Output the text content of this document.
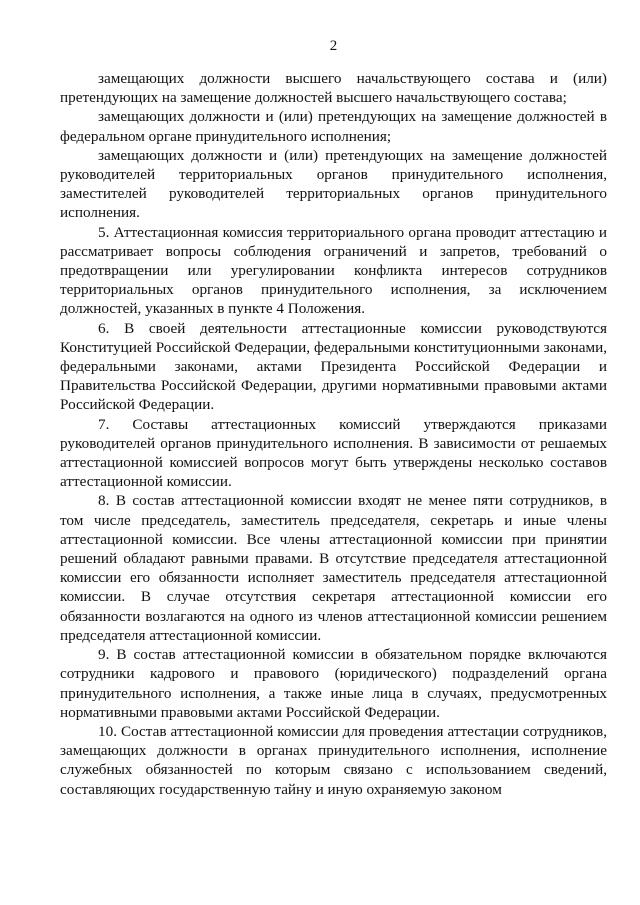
2

замещающих должности высшего начальствующего состава и (или) претендующих на замещение должностей высшего начальствующего состава;

замещающих должности и (или) претендующих на замещение должностей в федеральном органе принудительного исполнения;

замещающих должности и (или) претендующих на замещение должностей руководителей территориальных органов принудительного исполнения, заместителей руководителей территориальных органов принудительного исполнения.

5. Аттестационная комиссия территориального органа проводит аттестацию и рассматривает вопросы соблюдения ограничений и запретов, требований о предотвращении или урегулировании конфликта интересов сотрудников территориальных органов принудительного исполнения, за исключением должностей, указанных в пункте 4 Положения.

6. В своей деятельности аттестационные комиссии руководствуются Конституцией Российской Федерации, федеральными конституционными законами, федеральными законами, актами Президента Российской Федерации и Правительства Российской Федерации, другими нормативными правовыми актами Российской Федерации.

7. Составы аттестационных комиссий утверждаются приказами руководителей органов принудительного исполнения. В зависимости от решаемых аттестационной комиссией вопросов могут быть утверждены несколько составов аттестационной комиссии.

8. В состав аттестационной комиссии входят не менее пяти сотрудников, в том числе председатель, заместитель председателя, секретарь и иные члены аттестационной комиссии. Все члены аттестационной комиссии при принятии решений обладают равными правами. В отсутствие председателя аттестационной комиссии его обязанности исполняет заместитель председателя аттестационной комиссии. В случае отсутствия секретаря аттестационной комиссии его обязанности возлагаются на одного из членов аттестационной комиссии решением председателя аттестационной комиссии.

9. В состав аттестационной комиссии в обязательном порядке включаются сотрудники кадрового и правового (юридического) подразделений органа принудительного исполнения, а также иные лица в случаях, предусмотренных нормативными правовыми актами Российской Федерации.

10. Состав аттестационной комиссии для проведения аттестации сотрудников, замещающих должности в органах принудительного исполнения, исполнение служебных обязанностей по которым связано с использованием сведений, составляющих государственную тайну и иную охраняемую законом
